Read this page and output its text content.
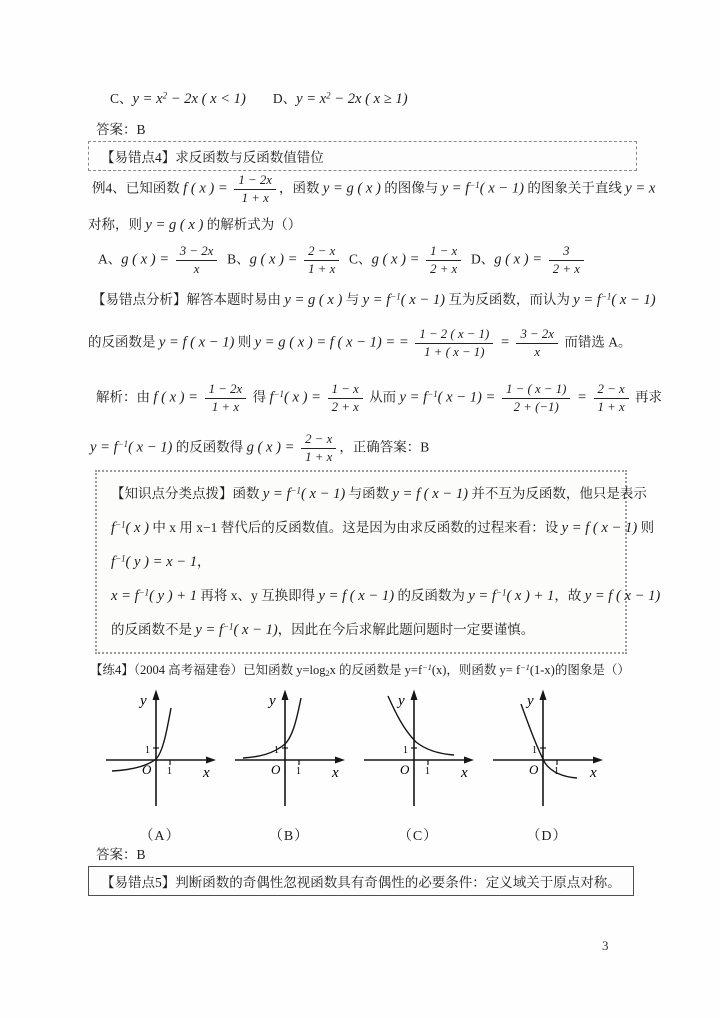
C、$y = x^2 - 2x$ ( x < 1) D、$y = x^2 - 2x$ ( x ≥ 1)
答案：B
【易错点4】求反函数与反函数值错位
例4、已知函数 f ( x ) = $\frac{1 - 2x}{1 + x}$ ，函数 y = g ( x ) 的图像与 $y = f^{-1}$( x − 1) 的图象关于直线 y = x
对称，则 y = g ( x ) 的解析式为（）
A、g ( x ) = $\frac{3 - 2x}{x}$ B、g ( x ) = $\frac{2 - x}{1 + x}$ C、g ( x ) = $\frac{1 - x}{2 + x}$ D、g ( x ) = $\frac{3}{2 + x}$
【易错点分析】解答本题时易由 y = g ( x ) 与 $y = f^{-1}$( x − 1) 互为反函数，而认为 $y = f^{-1}$( x − 1)
的反函数是 y = f ( x − 1) 则 y = g ( x ) = f ( x − 1) = = $\frac{1 - 2 ( x - 1)}{1 + ( x - 1)} = \frac{3 - 2x}{x}$ 而错选 A。
解析：由 f ( x ) = $\frac{1 - 2x}{1 + x}$ 得 $f^{-1}$( x ) = $\frac{1 - x}{2 + x}$ 从而 $y = f^{-1}$( $x - 1) = \frac{1 - ( x - 1)}{2 + (-1)} = \frac{2 - x}{1 + x}$ 再求
$y = f^{-1}$( x − 1) 的反函数得 g ( x ) = $\frac{2 - x}{1 + x}$ ，正确答案：B
【知识点分类点拨】函数 $y = f^{-1}$( x − 1) 与函数 y = f ( x − 1) 并不互为反函数，他只是表示
$f^{-1}$( x ) 中 x 用 x−1 替代后的反函数值。这是因为由求反函数的过程来看：设 y = f ( x − 1) 则
$f^{-1}$( y ) = x − 1，
$x = f^{-1}$( y ) + 1 再将 x、y 互换即得 y = f ( x − 1) 的反函数为 $y = f^{-1}$( x ) + 1，故 y = f ( x − 1)
的反函数不是 $y = f^{-1}$( x − 1)，因此在今后求解此题问题时一定要谨慎。
【练4】（2004 高考福建卷）已知函数 y=log2x 的反函数是 $y=f^{-1}(x)$，则函数 $y= f^{-1}(1-x)$的图象是（）
y
x
O
1
1
（A）
y
x
O
1
1
（B）
y
x
O
1
1
（C）
y
x
O
1
1
（D）
答案：B
【易错点5】判断函数的奇偶性忽视函数具有奇偶性的必要条件：定义域关于原点对称。
3
